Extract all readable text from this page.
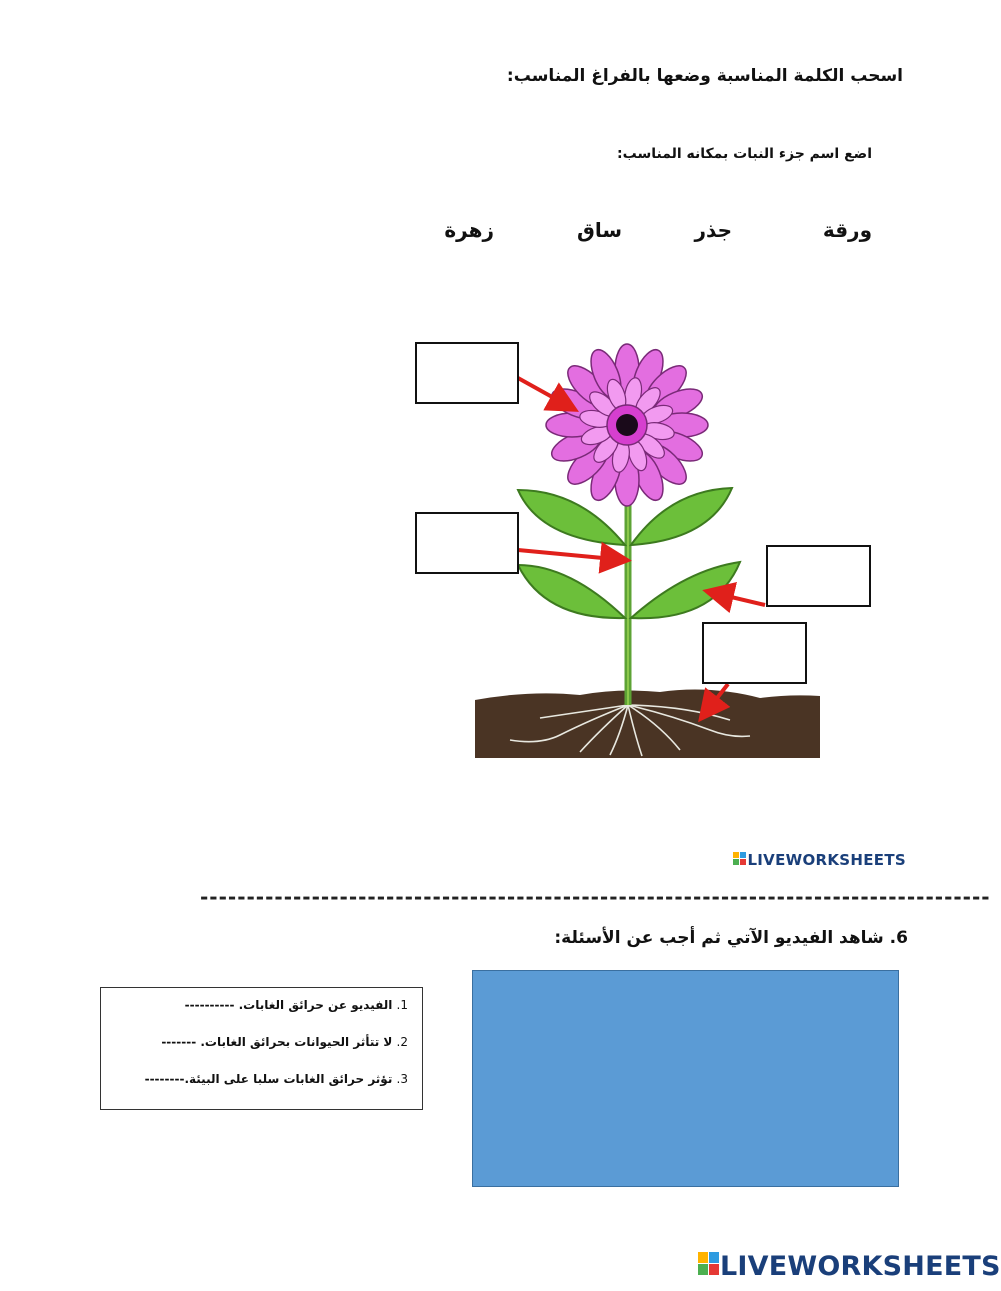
اسحب الكلمة المناسبة وضعها بالفراغ المناسب:
اضع اسم جزء النبات بمكانه المناسب:
ورقة
جذر
ساق
زهرة
LIVEWORKSHEETS
-------------------------------------------------------------------------------------
6. شاهد الفيديو الآتي ثم أجب عن الأسئلة:
1. الفيديو عن حرائق الغابات. ----------
2. لا تتأثر الحيوانات بحرائق الغابات. -------
3. تؤثر حرائق الغابات سلبا على البيئة.--------
LIVEWORKSHEETS
